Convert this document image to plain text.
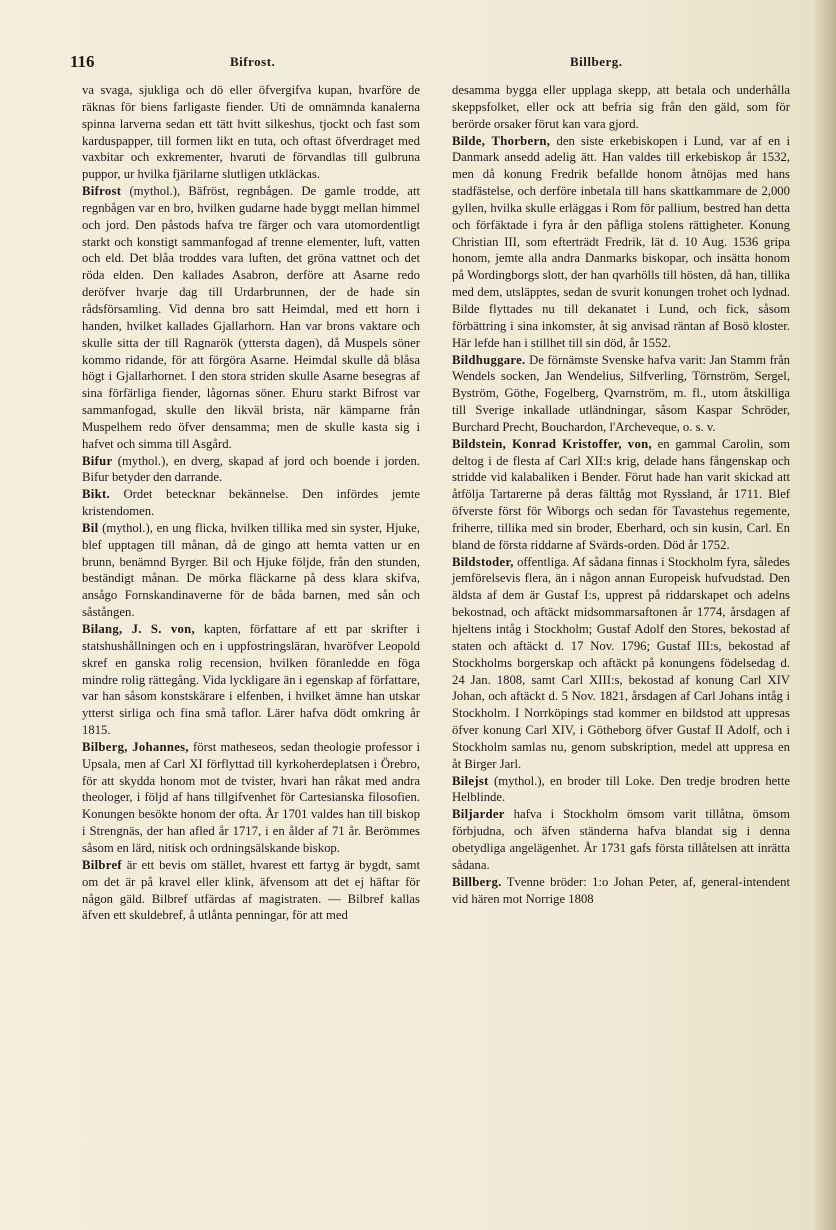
116	Bifrost.	Billberg.

va svaga, sjukliga och dö eller öfvergifva kupan, hvarföre de räknas för biens farligaste fiender. Uti de omnämnda kanalerna spinna larverna sedan ett tätt hvitt silkeshus, tjockt och fast som karduspapper, till formen likt en tuta, och oftast öfverdraget med vaxbitar och exkrementer, hvaruti de förvandlas till gulbruna puppor, ur hvilka fjärilarne slutligen utkläckas.

Bifrost (mythol.), Bäfröst, regnbågen. De gamle trodde, att regnbågen var en bro, hvilken gudarne hade byggt mellan himmel och jord. Den påstods hafva tre färger och vara utomordentligt starkt och konstigt sammanfogad af trenne elementer, luft, vatten och eld. Det blåa troddes vara luften, det gröna vattnet och det röda elden. Den kallades Asabron, derföre att Asarne redo deröfver hvarje dag till Urdarbrunnen, der de hade sin rådsförsamling. Vid denna bro satt Heimdal, med ett horn i handen, hvilket kallades Gjallarhorn. Han var brons vaktare och skulle sitta der till Ragnarök (yttersta dagen), då Muspels söner kommo ridande, för att förgöra Asarne. Heimdal skulle då blåsa högt i Gjallarhornet. I den stora striden skulle Asarne besegras af sina förfärliga fiender, lågornas söner. Ehuru starkt Bifrost var sammanfogad, skulle den likväl brista, när kämparne från Muspelhem redo öfver densamma; men de skulle kasta sig i hafvet och simma till Asgård.

Bifur (mythol.), en dverg, skapad af jord och boende i jorden. Bifur betyder den darrande.

Bikt. Ordet betecknar bekännelse. Den infördes jemte kristendomen.

Bil (mythol.), en ung flicka, hvilken tillika med sin syster, Hjuke, blef upptagen till månan, då de gingo att hemta vatten ur en brunn, benämnd Byrger. Bil och Hjuke följde, från den stunden, beständigt månan. De mörka fläckarne på dess klara skifva, ansågo Fornskandinaverne för de båda barnen, med sån och såstången.

Bilang, J. S. von, kapten, författare af ett par skrifter i statshushållningen och en i uppfostringsläran, hvaröfver Leopold skref en ganska rolig recension, hvilken föranledde en föga mindre rolig rättegång. Vida lyckligare än i egenskap af författare, var han såsom konstskärare i elfenben, i hvilket ämne han utskar ytterst sirliga och fina små taflor. Lärer hafva dödt omkring år 1815.

Bilberg, Johannes, först matheseos, sedan theologie professor i Upsala, men af Carl XI förflyttad till kyrkoherdeplatsen i Örebro, för att skydda honom mot de tvister, hvari han råkat med andra theologer, i följd af hans tillgifvenhet för Cartesianska filosofien. Konungen besökte honom der ofta. År 1701 valdes han till biskop i Strengnäs, der han afled år 1717, i en ålder af 71 år. Berömmes såsom en lärd, nitisk och ordningsälskande biskop.

Bilbref är ett bevis om stället, hvarest ett fartyg är bygdt, samt om det är på kravel eller klink, äfvensom att det ej häftar för någon gäld. Bilbref utfärdas af magistraten. — Bilbref kallas äfven ett skuldebref, å utlånta penningar, för att med

desamma bygga eller upplaga skepp, att betala och underhålla skeppsfolket, eller ock att befria sig från den gäld, som för berörde orsaker förut kan vara gjord.

Bilde, Thorbern, den siste erkebiskopen i Lund, var af en i Danmark ansedd adelig ätt. Han valdes till erkebiskop år 1532, men då konung Fredrik befallde honom åtnöjas med hans stadfästelse, och derföre inbetala till hans skattkammare de 2,000 gyllen, hvilka skulle erläggas i Rom för pallium, bestred han detta och förfäktade i fyra år den påfliga stolens rättigheter. Konung Christian III, som efterträdt Fredrik, lät d. 10 Aug. 1536 gripa honom, jemte alla andra Danmarks biskopar, och insätta honom på Wordingborgs slott, der han qvarhölls till hösten, då han, tillika med dem, utsläpptes, sedan de svurit konungen trohet och lydnad. Bilde flyttades nu till dekanatet i Lund, och fick, såsom förbättring i sina inkomster, åt sig anvisad räntan af Bosö kloster. Här lefde han i stillhet till sin död, år 1552.

Bildhuggare. De förnämste Svenske hafva varit: Jan Stamm från Wendels socken, Jan Wendelius, Silfverling, Törnström, Sergel, Byström, Göthe, Fogelberg, Qvarnström, m. fl., utom åtskilliga till Sverige inkallade utländningar, såsom Kaspar Schröder, Burchard Precht, Bouchardon, l'Archeveque, o. s. v.

Bildstein, Konrad Kristoffer, von, en gammal Carolin, som deltog i de flesta af Carl XII:s krig, delade hans fångenskap och stridde vid kalabaliken i Bender. Förut hade han varit skickad att åtfölja Tartarerne på deras fälttåg mot Ryssland, år 1711. Blef öfverste först för Wiborgs och sedan för Tavastehus regemente, friherre, tillika med sin broder, Eberhard, och sin kusin, Carl. En bland de första riddarne af Svärds-orden. Död år 1752.

Bildstoder, offentliga. Af sådana finnas i Stockholm fyra, således jemförelsevis flera, än i någon annan Europeisk hufvudstad. Den äldsta af dem är Gustaf I:s, upprest på riddarskapet och adelns bekostnad, och aftäckt midsommarsaftonen år 1774, årsdagen af hjeltens intåg i Stockholm; Gustaf Adolf den Stores, bekostad af staten och aftäckt d. 17 Nov. 1796; Gustaf III:s, bekostad af Stockholms borgerskap och aftäckt på konungens födelsedag d. 24 Jan. 1808, samt Carl XIII:s, bekostad af konung Carl XIV Johan, och aftäckt d. 5 Nov. 1821, årsdagen af Carl Johans intåg i Stockholm. I Norrköpings stad kommer en bildstod att uppresas öfver konung Carl XIV, i Götheborg öfver Gustaf II Adolf, och i Stockholm samlas nu, genom subskription, medel att uppresa en åt Birger Jarl.

Bilejst (mythol.), en broder till Loke. Den tredje brodren hette Helblinde.

Biljarder hafva i Stockholm ömsom varit tillåtna, ömsom förbjudna, och äfven ständerna hafva blandat sig i denna obetydliga angelägenhet. År 1731 gafs första tillåtelsen att inrätta sådana.

Billberg. Tvenne bröder: 1:o Johan Peter, af, general-intendent vid hären mot Norrige 1808
